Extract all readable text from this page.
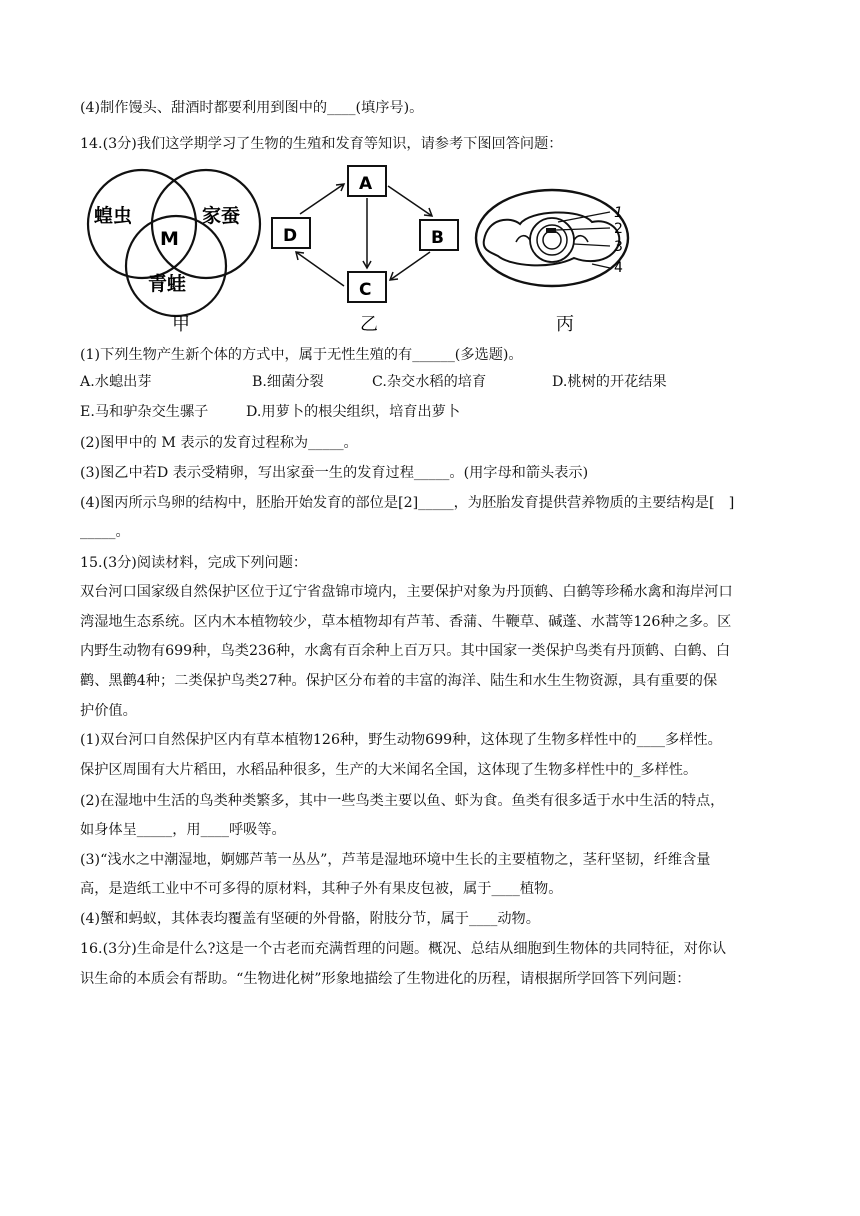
(4)制作馒头、甜酒时都要利用到图中的____(填序号)。
14.(3分)我们这学期学习了生物的生殖和发育等知识，请参考下图回答问题：
蝗虫	家蚕
M
青蛙
甲
A
B
C
D
乙
1
2
3
4
丙
(1)下列生物产生新个体的方式中，属于无性生殖的有______(多选题)。
A.水螅出芽	B.细菌分裂	C.杂交水稻的培育	D.桃树的开花结果
E.马和驴杂交生骡子	D.用萝卜的根尖组织，培育出萝卜
(2)图甲中的 M 表示的发育过程称为_____。
(3)图乙中若D 表示受精卵，写出家蚕一生的发育过程_____。(用字母和箭头表示)
(4)图丙所示鸟卵的结构中，胚胎开始发育的部位是[2]_____，为胚胎发育提供营养物质的主要结构是[　]
_____。
15.(3分)阅读材料，完成下列问题：
双台河口国家级自然保护区位于辽宁省盘锦市境内，主要保护对象为丹顶鹤、白鹤等珍稀水禽和海岸河口
湾湿地生态系统。区内木本植物较少，草本植物却有芦苇、香蒲、牛鞭草、碱蓬、水蒿等126种之多。区
内野生动物有699种，鸟类236种，水禽有百余种上百万只。其中国家一类保护鸟类有丹顶鹤、白鹤、白
鹳、黑鹳4种；二类保护鸟类27种。保护区分布着的丰富的海洋、陆生和水生生物资源，具有重要的保
护价值。
(1)双台河口自然保护区内有草本植物126种，野生动物699种，这体现了生物多样性中的____多样性。
保护区周围有大片稻田，水稻品种很多，生产的大米闻名全国，这体现了生物多样性中的_多样性。
(2)在湿地中生活的鸟类种类繁多，其中一些鸟类主要以鱼、虾为食。鱼类有很多适于水中生活的特点，
如身体呈_____，用____呼吸等。
(3)“浅水之中潮湿地，婀娜芦苇一丛丛”，芦苇是湿地环境中生长的主要植物之，茎秆坚韧，纤维含量
高，是造纸工业中不可多得的原材料，其种子外有果皮包被，属于____植物。
(4)蟹和蚂蚁，其体表均覆盖有坚硬的外骨骼，附肢分节，属于____动物。
16.(3分)生命是什么?这是一个古老而充满哲理的问题。概况、总结从细胞到生物体的共同特征，对你认
识生命的本质会有帮助。“生物进化树”形象地描绘了生物进化的历程，请根据所学回答下列问题：
